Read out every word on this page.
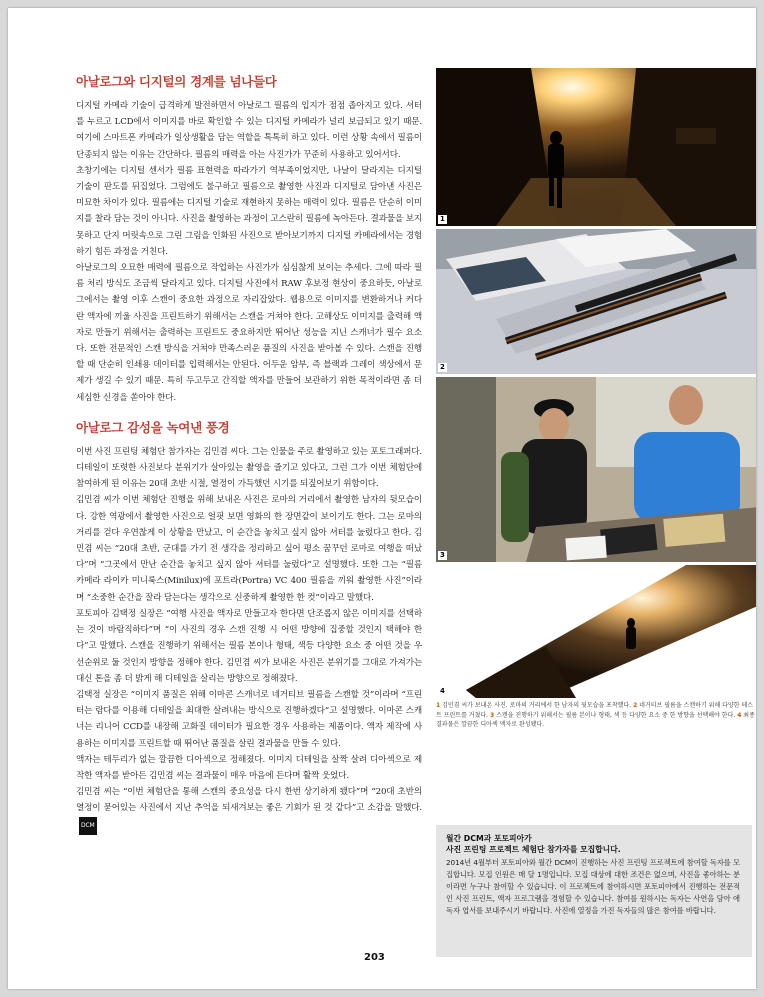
아날로그와 디지털의 경계를 넘나들다

디지털 카메라 기술이 급격하게 발전하면서 아날로그 필름의 입지가 점점 좁아지고 있다. 셔터를 누르고 LCD에서 이미지를 바로 확인할 수 있는 디지털 카메라가 널리 보급되고 있기 때문. 여기에 스마트폰 카메라가 일상생활을 담는 역할을 톡톡히 하고 있다. 이런 상황 속에서 필름이 단종되지 않는 이유는 간단하다. 필름의 매력을 아는 사진가가 꾸준히 사용하고 있어서다.

초창기에는 디지털 센서가 필름 표현력을 따라가기 역부족이었지만, 나날이 달라지는 디지털 기술이 판도를 뒤집었다. 그럼에도 불구하고 필름으로 촬영한 사진과 디지털로 담아낸 사진은 미묘한 차이가 있다. 필름에는 디지털 기술로 재현하지 못하는 매력이 있다. 필름은 단순히 이미지를 찰라 담는 것이 아니다. 사진을 촬영하는 과정이 고스란히 필름에 녹아든다. 결과물을 보지 못하고 단지 머릿속으로 그린 그림을 인화된 사진으로 받아보기까지 디지털 카메라에서는 경험하기 힘든 과정을 거친다.

아날로그의 오묘한 매력에 필름으로 작업하는 사진가가 심심찮게 보이는 추세다. 그에 따라 필름 처리 방식도 조금씩 달라지고 있다. 디지털 사진에서 RAW 후보정 현상이 중요하듯, 아날로그에서는 촬영 이후 스캔이 중요한 과정으로 자리잡았다. 웹용으로 이미지를 변환하거나 커다란 액자에 끼울 사진을 프린트하기 위해서는 스캔을 거쳐야 한다. 고해상도 이미지를 출력해 액자로 만들기 위해서는 출력하는 프린트도 중요하지만 뛰어난 성능을 지닌 스캐너가 필수 요소다. 또한 전문적인 스캔 방식을 거쳐야 만족스러운 품질의 사진을 받아볼 수 있다. 스캔을 진행할 때 단순히 인쇄용 데이터를 입력해서는 안된다. 어두운 암부, 즉 블랙과 그레이 색상에서 문제가 생길 수 있기 때문. 특히 두고두고 간직할 액자를 만들어 보관하기 위한 목적이라면 좀 더 세심한 신경을 쏟아야 한다.

아날로그 감성을 녹여낸 풍경

이번 사진 프린팅 체험단 참가자는 김민겸 씨다. 그는 인물을 주로 촬영하고 있는 포토그래퍼다. 디테일이 또렷한 사진보다 분위기가 살아있는 촬영을 즐기고 있다고, 그런 그가 이번 체험단에 참여하게 된 이유는 20대 초반 시절, 열정이 가득했던 시기를 되짚어보기 위함이다.

김민겸 씨가 이번 체험단 진행을 위해 보내온 사진은 로마의 거리에서 촬영한 남자의 뒷모습이다. 강한 역광에서 촬영한 사진으로 얼핏 보면 영화의 한 장면같이 보이기도 한다. 그는 로마의 거리를 걷다 우연찮게 이 상황을 만났고, 이 순간을 놓치고 싶지 않아 셔터를 눌렀다고 한다. 김민겸 씨는 “20대 초반, 군대를 가기 전 생각을 정리하고 싶어 평소 꿈꾸던 로마로 여행을 떠났다”며 “그곳에서 만난 순간을 놓치고 싶지 않아 셔터를 눌렀다”고 설명했다. 또한 그는 “필름 카메라 라이카 미니룩스(Minilux)에 포트라(Portra) VC 400 필름을 끼워 촬영한 사진”이라며 “소중한 순간을 잘라 담는다는 생각으로 신중하게 촬영한 한 컷”이라고 말했다.

포토피아 김택정 실장은 “여행 사진을 액자로 만들고자 한다면 단조롭지 않은 이미지를 선택하는 것이 바람직하다”며 “이 사진의 경우 스캔 진행 시 어떤 방향에 집중할 것인지 택해야 한다”고 말했다. 스캔을 진행하기 위해서는 필름 본이나 형태, 색등 다양한 요소 중 어떤 것을 우선순위로 둘 것인지 방향을 정해야 한다. 김민겸 씨가 보내온 사진은 분위기를 그대로 가져가는 대신 톤을 좀 더 밝게 해 디테일을 살리는 방향으로 정해졌다.

김택정 실장은 “이미지 품질은 위해 이마콘 스캐너로 네거티브 필름을 스캔할 것”이라며 “프린터는 람다를 이용해 디테일을 최대한 살려내는 방식으로 진행하겠다”고 설명했다. 이마콘 스캐너는 리니어 CCD를 내장해 고화질 데이터가 필요한 경우 사용하는 제품이다. 액자 제작에 사용하는 이미지를 프린트할 때 뛰어난 품질을 살린 결과물을 만들 수 있다.

액자는 테두리가 없는 깔끔한 디아섹으로 정해졌다. 이미지 디테일을 살짝 살려 디아섹으로 제작한 액자를 받아든 김민겸 씨는 결과물이 매우 마음에 든다며 활짝 웃었다.

김민겸 씨는 “이번 체험단을 통해 스캔의 중요성을 다시 한번 상기하게 됐다”며 “20대 초반의 열정이 묻어있는 사진에서 지난 추억을 되새겨보는 좋은 기회가 된 것 같다”고 소감을 말했다.DCM

1
2
3
4
1 김민겸 씨가 보내온 사진. 로마의 거리에서 한 남자의 뒷모습을 포착했다. 2 네거티브 필름을 스캔하기 위해 다양한 테스트 프린트를 거쳤다. 3 스캔을 진행하기 위해서는 필름 본이나 형태, 색 등 다양한 요소 중 한 방향을 선택해야 한다. 4 최종 결과물은 깔끔한 디아섹 액자로 완성됐다.
월간 DCM과 포토피아가
사진 프린팅 프로젝트 체험단 참가자를 모집합니다.
2014년 4월부터 포토피아와 월간 DCM이 진행하는 사진 프린팅 프로젝트에 참여할 독자를 모집합니다. 모집 인원은 매 달 1명입니다. 모집 대상에 대한 조건은 없으며, 사진을 좋아하는 분이라면 누구나 참여할 수 있습니다. 이 프로젝트에 참여하시면 포토피아에서 진행하는 전문적인 사진 프린트, 액자 프로그램을 경험할 수 있습니다. 참여를 원하시는 독자는 사연을 담아 애독자 엽서를 보내주시기 바랍니다. 사진에 열정을 가진 독자들의 많은 참여를 바랍니다.
203
